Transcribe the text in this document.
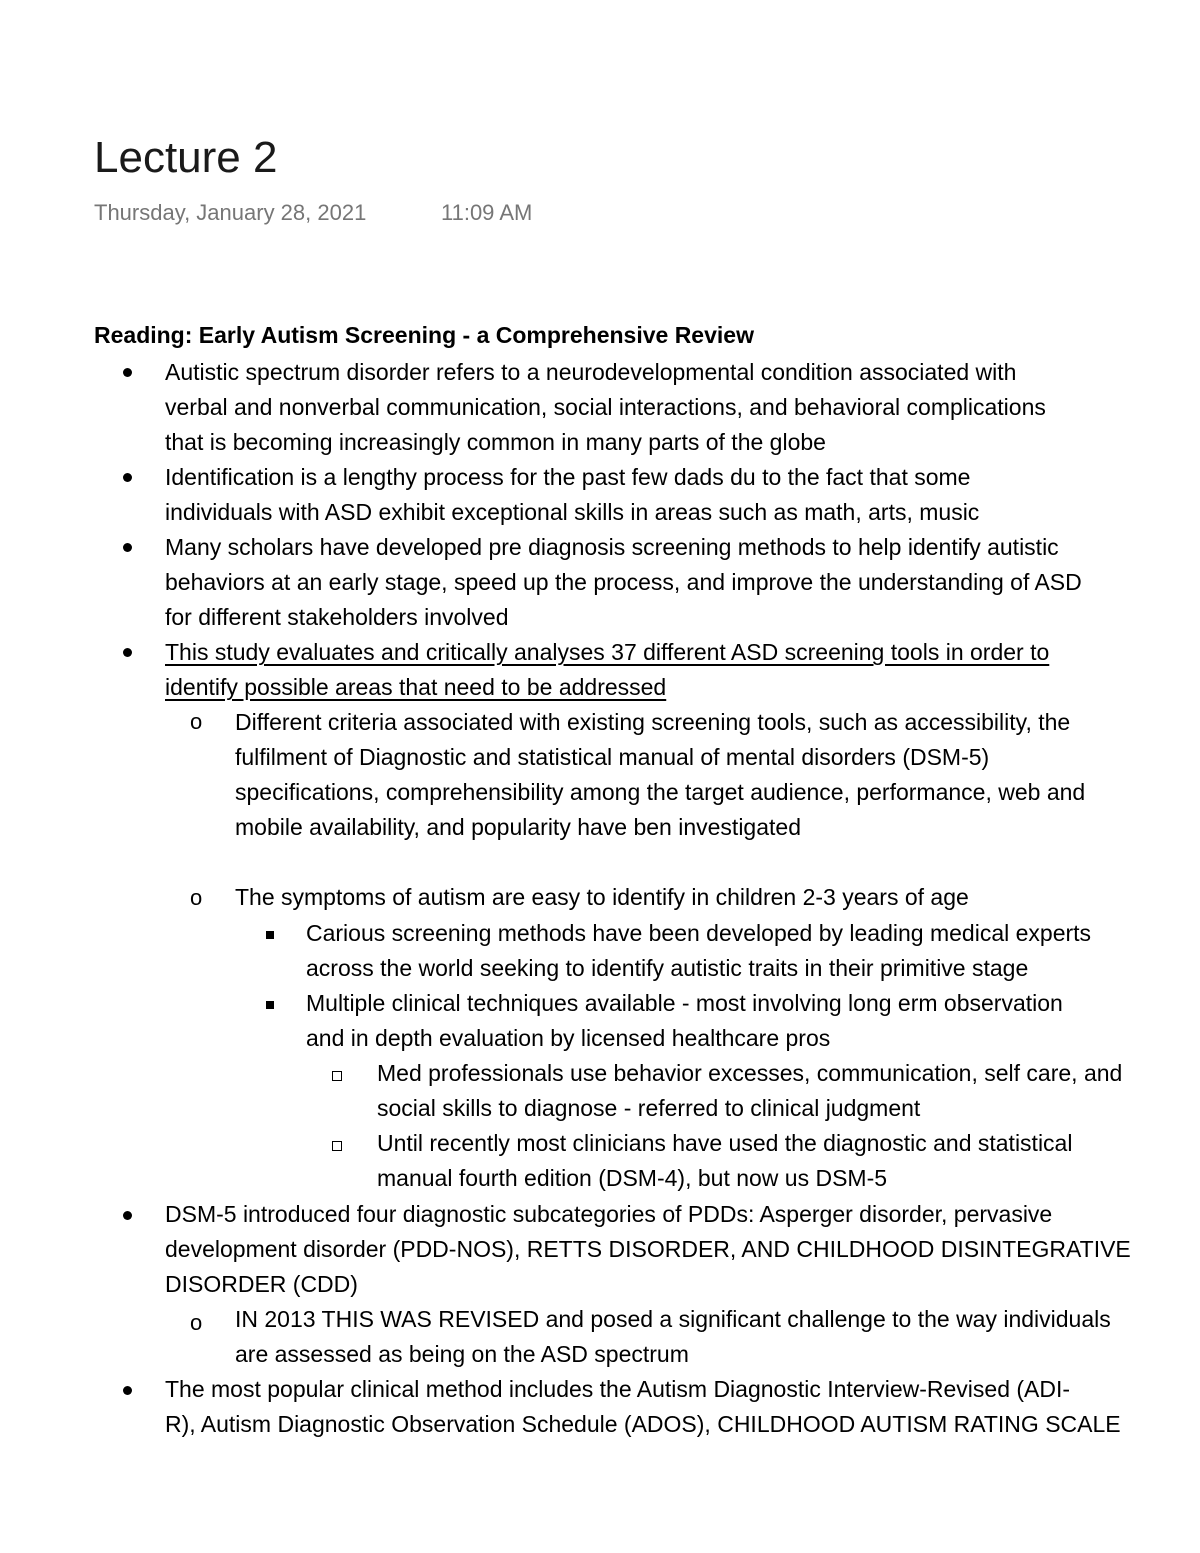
Lecture 2
Thursday, January 28, 2021	11:09 AM
Reading: Early Autism Screening - a Comprehensive Review
o
o
o
Autistic spectrum disorder refers to a neurodevelopmental condition associated with
verbal and nonverbal communication, social interactions, and behavioral complications
that is becoming increasingly common in many parts of the globe
Identification is a lengthy process for the past few dads du to the fact that some
individuals with ASD exhibit exceptional skills in areas such as math, arts, music
Many scholars have developed pre diagnosis screening methods to help identify autistic
behaviors at an early stage, speed up the process, and improve the understanding of ASD
for different stakeholders involved
This study evaluates and critically analyses 37 different ASD screening tools in order to
identify possible areas that need to be addressed
Different criteria associated with existing screening tools, such as accessibility, the
fulfilment of Diagnostic and statistical manual of mental disorders (DSM-5)
specifications, comprehensibility among the target audience, performance, web and
mobile availability, and popularity have ben investigated
The symptoms of autism are easy to identify in children 2-3 years of age
Carious screening methods have been developed by leading medical experts
across the world seeking to identify autistic traits in their primitive stage
Multiple clinical techniques available - most involving long erm observation
and in depth evaluation by licensed healthcare pros
Med professionals use behavior excesses, communication, self care, and
social skills to diagnose - referred to clinical judgment
Until recently most clinicians have used the diagnostic and statistical
manual fourth edition (DSM-4), but now us DSM-5
DSM-5 introduced four diagnostic subcategories of PDDs: Asperger disorder, pervasive
development disorder (PDD-NOS), RETTS DISORDER, AND CHILDHOOD DISINTEGRATIVE
DISORDER (CDD)
IN 2013 THIS WAS REVISED and posed a significant challenge to the way individuals
are assessed as being on the ASD spectrum
The most popular clinical method includes the Autism Diagnostic Interview-Revised (ADI-
R), Autism Diagnostic Observation Schedule (ADOS), CHILDHOOD AUTISM RATING SCALE
